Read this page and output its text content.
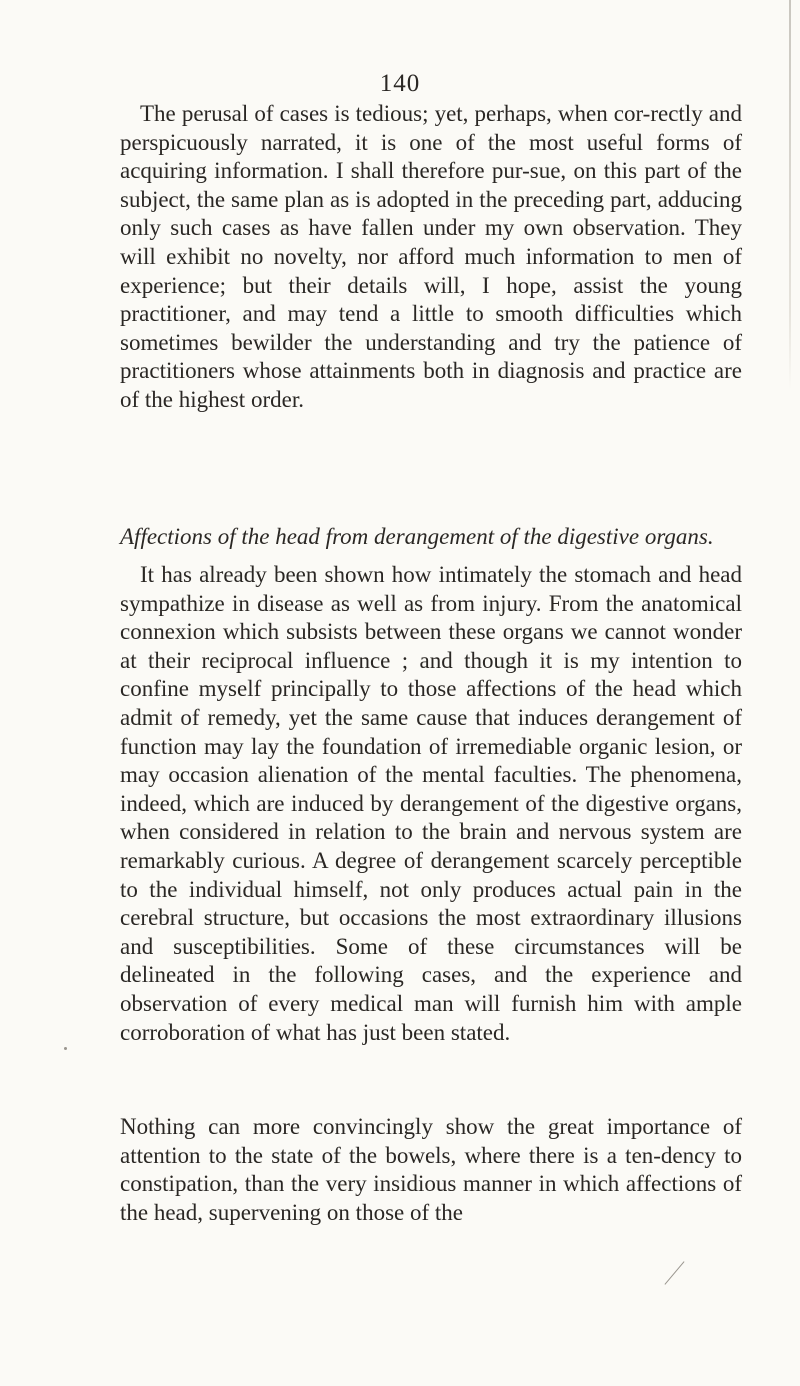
140

The perusal of cases is tedious; yet, perhaps, when cor-rectly and perspicuously narrated, it is one of the most useful forms of acquiring information. I shall therefore pur-sue, on this part of the subject, the same plan as is adopted in the preceding part, adducing only such cases as have fallen under my own observation. They will exhibit no novelty, nor afford much information to men of experience; but their details will, I hope, assist the young practitioner, and may tend a little to smooth difficulties which sometimes bewilder the understanding and try the patience of practitioners whose attainments both in diagnosis and practice are of the highest order.

Affections of the head from derangement of the digestive organs.

It has already been shown how intimately the stomach and head sympathize in disease as well as from injury. From the anatomical connexion which subsists between these organs we cannot wonder at their reciprocal influence ; and though it is my intention to confine myself principally to those affections of the head which admit of remedy, yet the same cause that induces derangement of function may lay the foundation of irremediable organic lesion, or may occasion alienation of the mental faculties. The phenomena, indeed, which are induced by derangement of the digestive organs, when considered in relation to the brain and nervous system are remarkably curious. A degree of derangement scarcely perceptible to the individual himself, not only produces actual pain in the cerebral structure, but occasions the most extraordinary illusions and susceptibilities. Some of these circumstances will be delineated in the following cases, and the experience and observation of every medical man will furnish him with ample corroboration of what has just been stated.

Nothing can more convincingly show the great importance of attention to the state of the bowels, where there is a ten-dency to constipation, than the very insidious manner in which affections of the head, supervening on those of the
